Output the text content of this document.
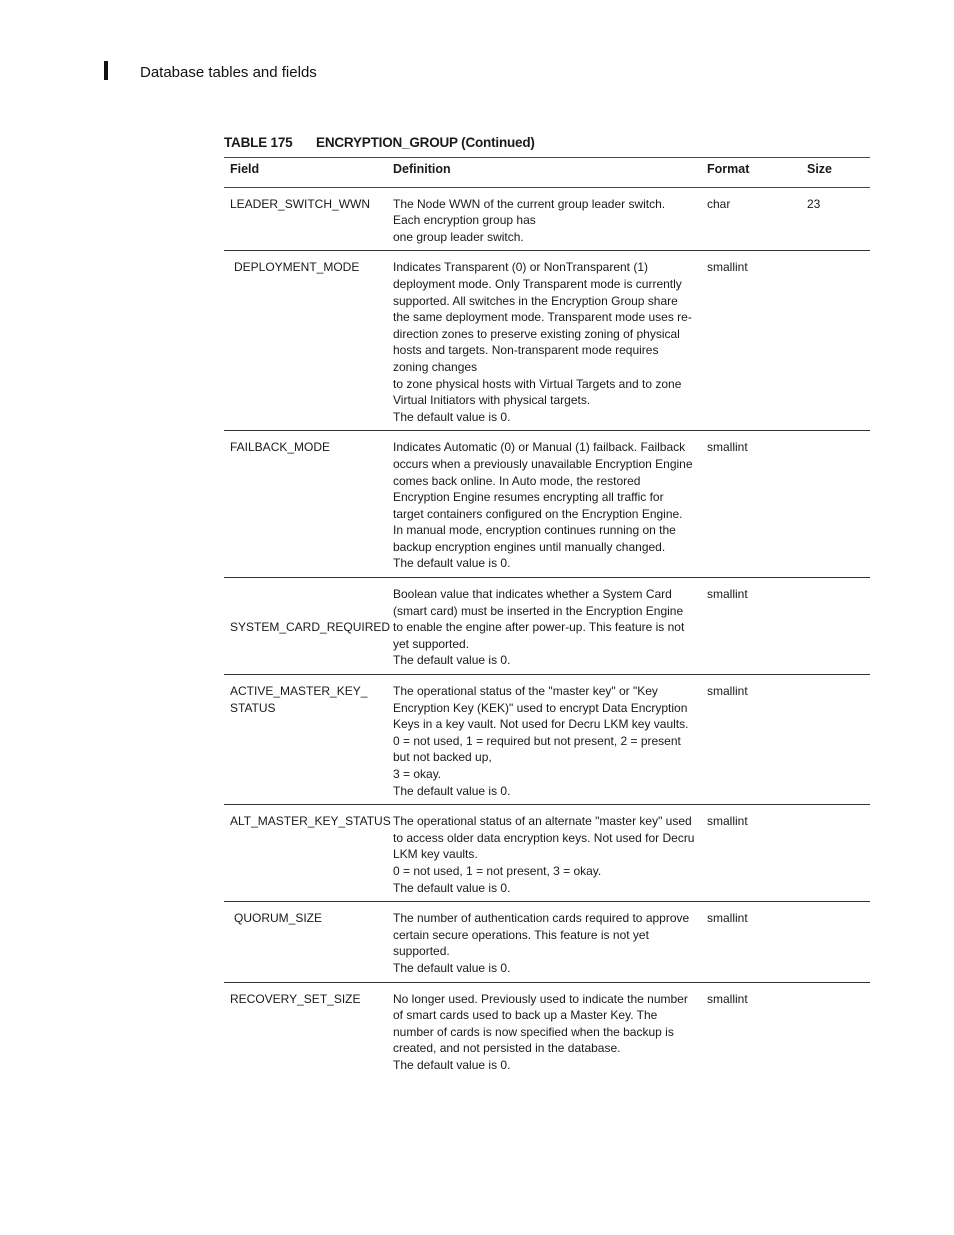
Database tables and fields
TABLE 175 ENCRYPTION_GROUP (Continued)
Field	Definition	Format	Size
LEADER_SWITCH_WWN	The Node WWN of the current group leader switch. Each encryption group has
one group leader switch.	char	23
DEPLOYMENT_MODE	Indicates Transparent (0) or NonTransparent (1) deployment mode. Only Transparent mode is currently supported. All switches in the Encryption Group share the same deployment mode. Transparent mode uses re-direction zones to preserve existing zoning of physical hosts and targets. Non-transparent mode requires zoning changes
to zone physical hosts with Virtual Targets and to zone Virtual Initiators with physical targets.
The default value is 0.	smallint	
FAILBACK_MODE	Indicates Automatic (0) or Manual (1) failback. Failback occurs when a previously unavailable Encryption Engine comes back online. In Auto mode, the restored Encryption Engine resumes encrypting all traffic for target containers configured on the Encryption Engine. In manual mode, encryption continues running on the backup encryption engines until manually changed.
The default value is 0.	smallint	
SYSTEM_CARD_REQUIRED	Boolean value that indicates whether a System Card (smart card) must be inserted in the Encryption Engine to enable the engine after power-up. This feature is not yet supported.
The default value is 0.	smallint	

ACTIVE_MASTER_KEY_ STATUS	The operational status of the "master key" or "Key Encryption Key (KEK)" used to encrypt Data Encryption Keys in a key vault. Not used for Decru LKM key vaults. 0 = not used, 1 = required but not present, 2 = present but not backed up,
3 = okay.
The default value is 0.	smallint	
ALT_MASTER_KEY_STATUS	The operational status of an alternate "master key" used to access older data encryption keys. Not used for Decru LKM key vaults.
0 = not used, 1 = not present, 3 = okay.
The default value is 0.	smallint	
QUORUM_SIZE	The number of authentication cards required to approve certain secure operations. This feature is not yet supported.
The default value is 0.	smallint	
RECOVERY_SET_SIZE	No longer used. Previously used to indicate the number of smart cards used to back up a Master Key. The number of cards is now specified when the backup is created, and not persisted in the database.
The default value is 0.	smallint	
